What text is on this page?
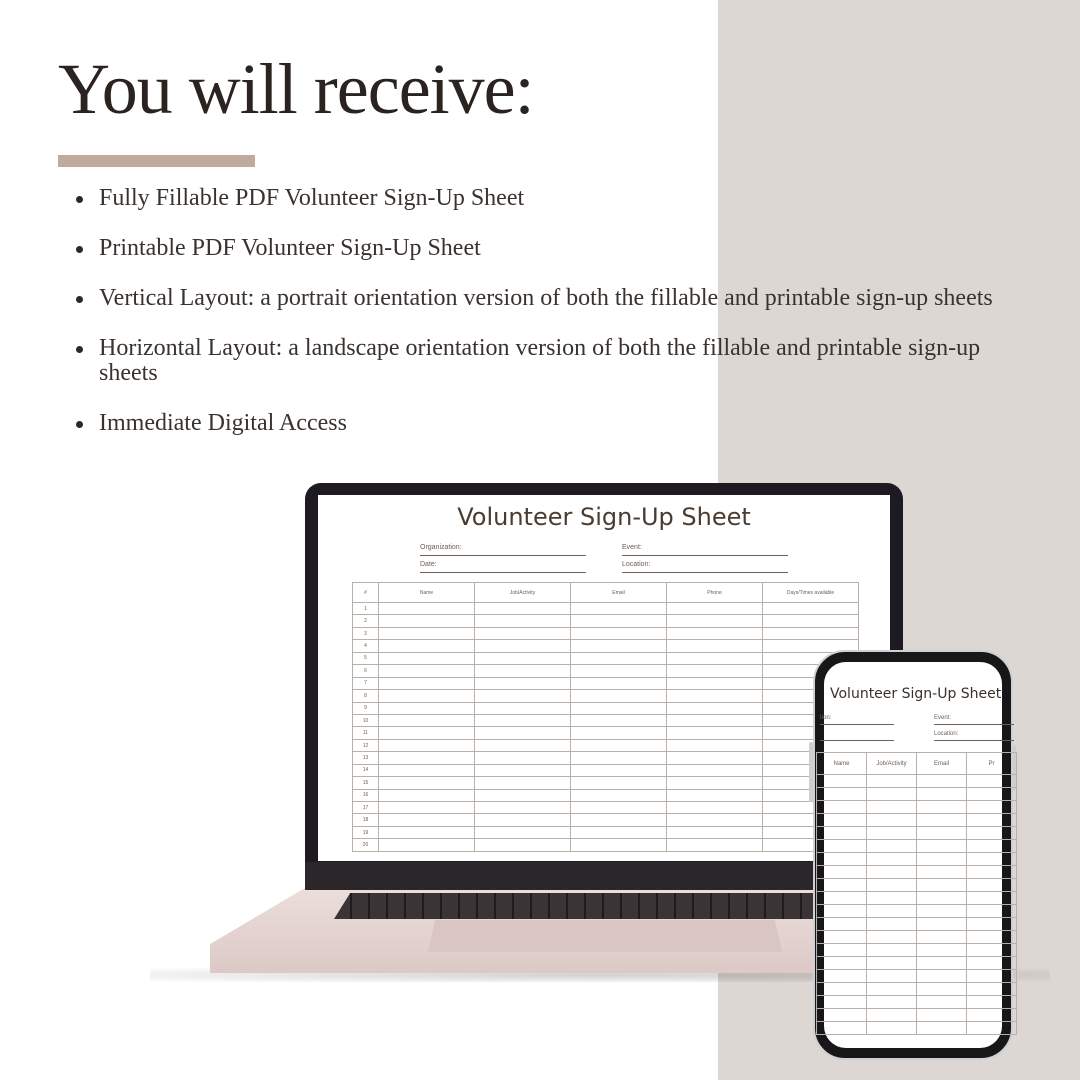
You will receive:
Fully Fillable PDF Volunteer Sign-Up Sheet
Printable PDF Volunteer Sign-Up Sheet
Vertical Layout: a portrait orientation version of both the fillable and printable sign-up sheets
Horizontal Layout: a landscape orientation version of both the fillable and printable sign-up sheets
Immediate Digital Access
Volunteer Sign-Up Sheet
Organization:	Event:
Date:	Location:
#	Name	Job/Activity	Email	Phone	Days/Times available
1					
2					
3					
4					
5					
6					
7					
8					
9					
10					
11					
12					
13					
14					
15					
16					
17					
18					
19					
20					
Volunteer Sign-Up Sheet
tion:	Event:
Location:
Name	Job/Activity	Email	Pr
